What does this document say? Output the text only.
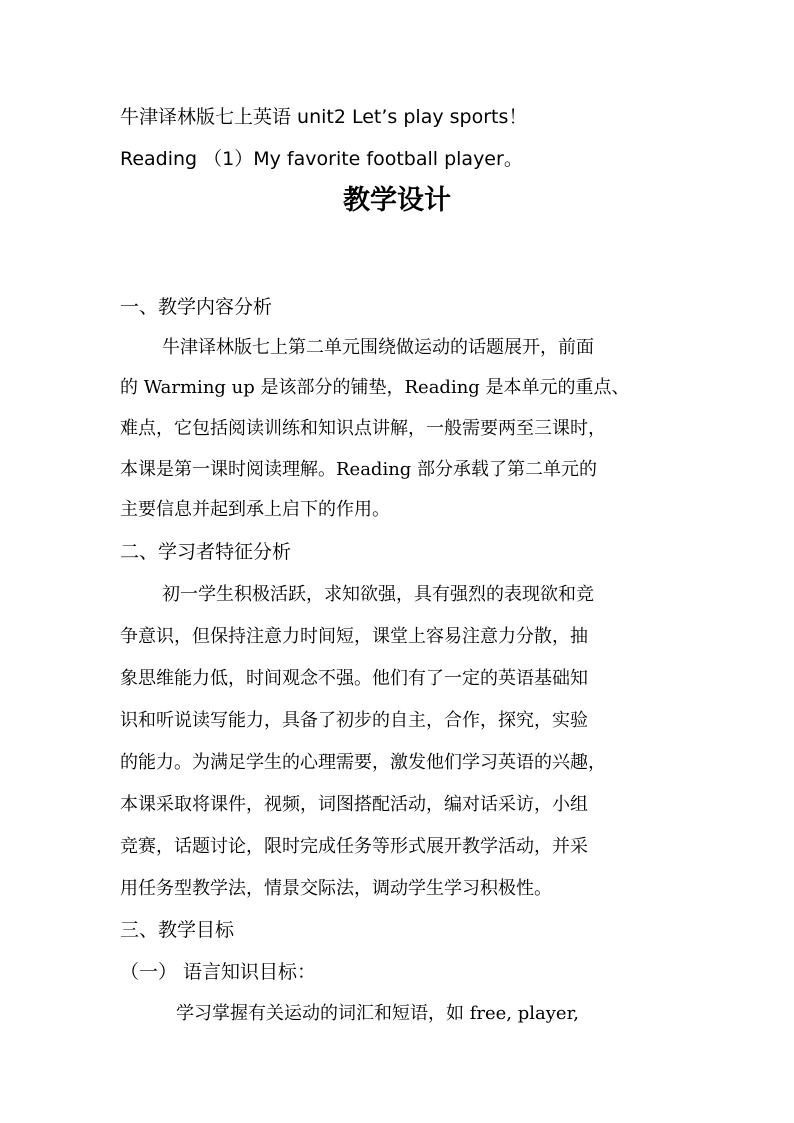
牛津译林版七上英语 unit2 Let’s play sports！
Reading （1）My favorite football player。
教学设计
一、教学内容分析
牛津译林版七上第二单元围绕做运动的话题展开，前面
的 Warming up 是该部分的铺垫，Reading 是本单元的重点、
难点，它包括阅读训练和知识点讲解，一般需要两至三课时，
本课是第一课时阅读理解。Reading 部分承载了第二单元的
主要信息并起到承上启下的作用。
二、学习者特征分析
初一学生积极活跃，求知欲强，具有强烈的表现欲和竞
争意识，但保持注意力时间短，课堂上容易注意力分散，抽
象思维能力低，时间观念不强。他们有了一定的英语基础知
识和听说读写能力，具备了初步的自主，合作，探究，实验
的能力。为满足学生的心理需要，激发他们学习英语的兴趣，
本课采取将课件，视频，词图搭配活动，编对话采访，小组
竞赛，话题讨论，限时完成任务等形式展开教学活动，并采
用任务型教学法，情景交际法，调动学生学习积极性。
三、教学目标
（一） 语言知识目标：
学习掌握有关运动的词汇和短语，如 free, player,
